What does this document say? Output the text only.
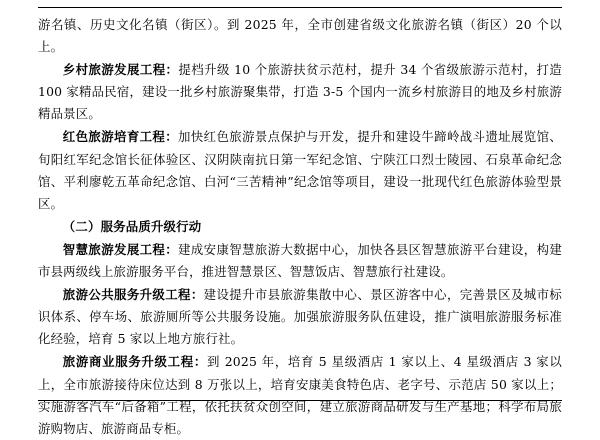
游名镇、历史文化名镇（街区）。到 2025 年，全市创建省级文化旅游名镇（街区）20 个以上。

乡村旅游发展工程：提档升级 10 个旅游扶贫示范村，提升 34 个省级旅游示范村，打造 100 家精品民宿，建设一批乡村旅游聚集带，打造 3-5 个国内一流乡村旅游目的地及乡村旅游精品景区。

红色旅游培育工程：加快红色旅游景点保护与开发，提升和建设牛蹄岭战斗遗址展览馆、旬阳红军纪念馆长征体验区、汉阴陕南抗日第一军纪念馆、宁陕江口烈士陵园、石泉革命纪念馆、平利廖乾五革命纪念馆、白河“三苦精神”纪念馆等项目，建设一批现代红色旅游体验型景区。

（二）服务品质升级行动

智慧旅游发展工程：建成安康智慧旅游大数据中心，加快各县区智慧旅游平台建设，构建市县两级线上旅游服务平台，推进智慧景区、智慧饭店、智慧旅行社建设。

旅游公共服务升级工程：建设提升市县旅游集散中心、景区游客中心，完善景区及城市标识体系、停车场、旅游厕所等公共服务设施。加强旅游服务队伍建设，推广演唱旅游服务标准化经验，培育 5 家以上地方旅行社。

旅游商业服务升级工程：到 2025 年，培育 5 星级酒店 1 家以上、4 星级酒店 3 家以上，全市旅游接待床位达到 8 万张以上，培育安康美食特色店、老字号、示范店 50 家以上；实施游客汽车“后备箱”工程，依托扶贫众创空间，建立旅游商品研发与生产基地；科学布局旅游购物店、旅游商品专柜。
